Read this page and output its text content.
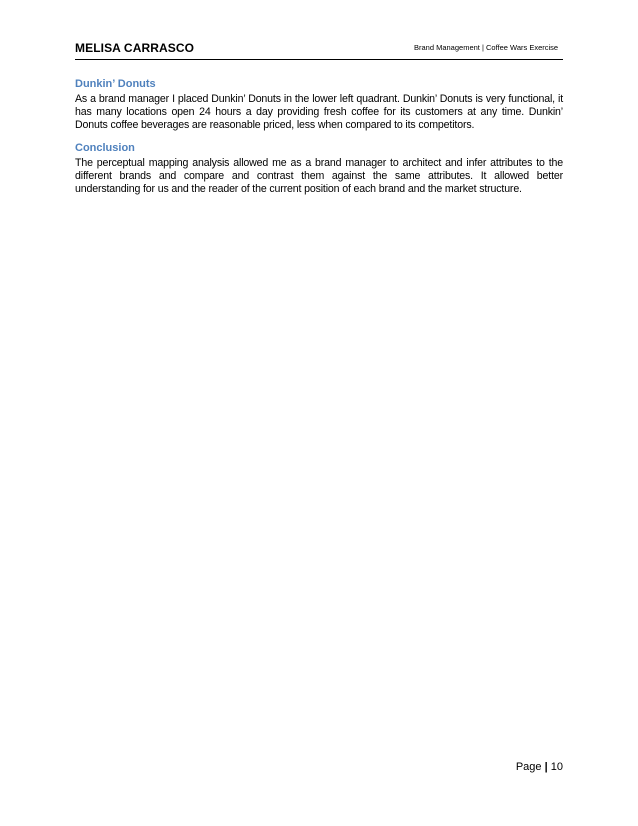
MELISA CARRASCO	Brand Management | Coffee Wars Exercise
Dunkin’ Donuts

As a brand manager I placed Dunkin’ Donuts in the lower left quadrant. Dunkin’ Donuts is very functional, it has many locations open 24 hours a day providing fresh coffee for its customers at any time. Dunkin’ Donuts coffee beverages are reasonable priced, less when compared to its competitors.

Conclusion

The perceptual mapping analysis allowed me as a brand manager to architect and infer attributes to the different brands and compare and contrast them against the same attributes. It allowed better understanding for us and the reader of the current position of each brand and the market structure.

Page | 10
